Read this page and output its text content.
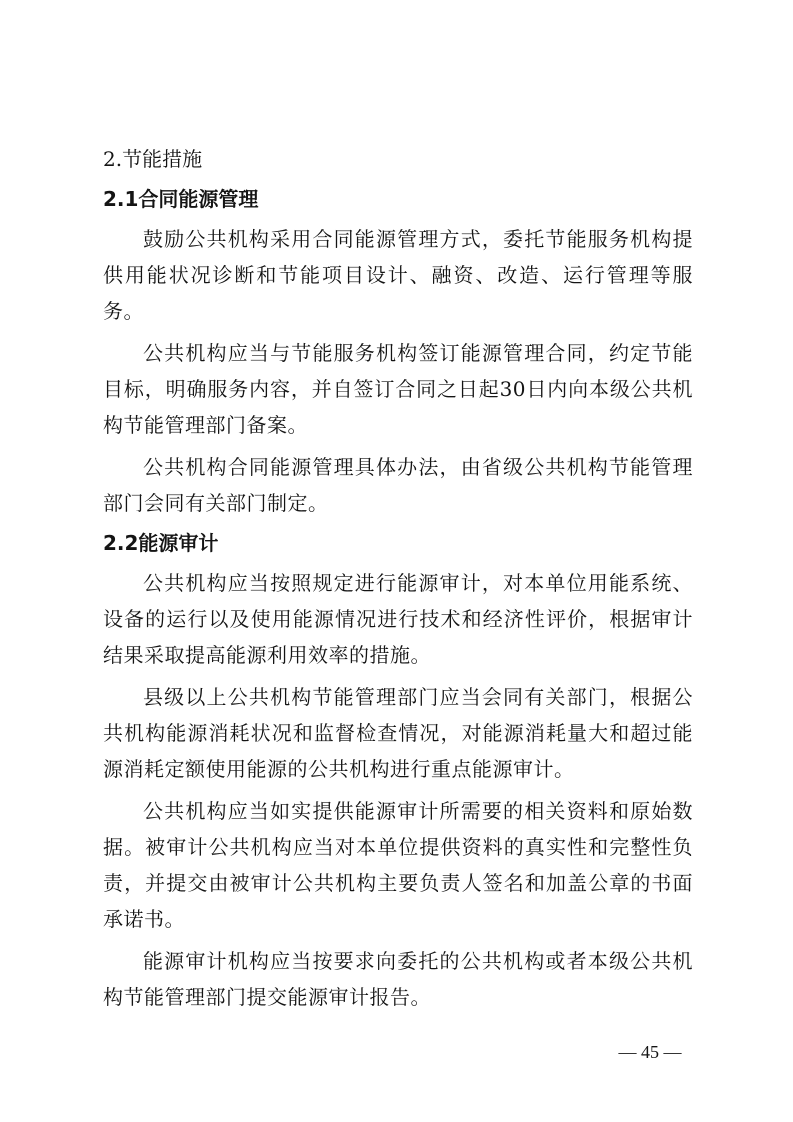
2.节能措施
2.1合同能源管理

鼓励公共机构采用合同能源管理方式，委托节能服务机构提供用能状况诊断和节能项目设计、融资、改造、运行管理等服务。

公共机构应当与节能服务机构签订能源管理合同，约定节能目标，明确服务内容，并自签订合同之日起30日内向本级公共机构节能管理部门备案。

公共机构合同能源管理具体办法，由省级公共机构节能管理部门会同有关部门制定。

2.2能源审计

公共机构应当按照规定进行能源审计，对本单位用能系统、设备的运行以及使用能源情况进行技术和经济性评价，根据审计结果采取提高能源利用效率的措施。

县级以上公共机构节能管理部门应当会同有关部门，根据公共机构能源消耗状况和监督检查情况，对能源消耗量大和超过能源消耗定额使用能源的公共机构进行重点能源审计。

公共机构应当如实提供能源审计所需要的相关资料和原始数据。被审计公共机构应当对本单位提供资料的真实性和完整性负责，并提交由被审计公共机构主要负责人签名和加盖公章的书面承诺书。

能源审计机构应当按要求向委托的公共机构或者本级公共机构节能管理部门提交能源审计报告。

— 45 —
